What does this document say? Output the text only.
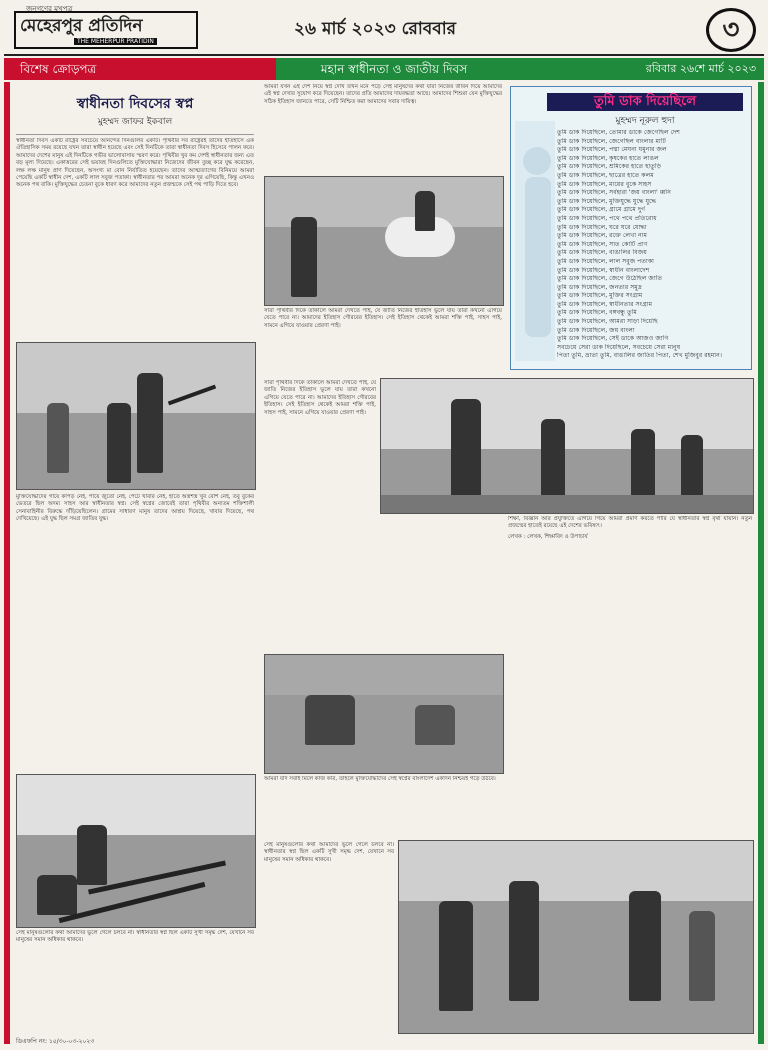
জনগণের মুখপত্র
মেহেরপুর প্রতিদিন
THE MEHERPUR PRATIDIN
২৬ মার্চ ২০২৩ রোববার	৩
বিশেষ ক্রোড়পত্র	মহান স্বাধীনতা ও জাতীয় দিবস	রবিবার ২৬শে মার্চ ২০২৩
স্বাধীনতা দিবসের স্বপ্ন
মুহম্মদ জাফর ইকবাল

স্বাধীনতা দিবস একটি রাষ্ট্রের সবচেয়ে আনন্দের দিনগুলির একটি। পৃথিবীর সব রাষ্ট্রেরই তাদের ইতিহাসে এক ঐতিহাসিক সময় রয়েছে যখন তারা স্বাধীন হয়েছে এবং সেই দিনটিকে তারা স্বাধীনতা দিবস হিসেবে পালন করে। আমাদের দেশের মানুষ এই দিনটিকে গভীর ভালোবাসায় স্মরণ করে। পৃথিবীর খুব কম দেশই স্বাধীনতার জন্য এত বড় মূল্য দিয়েছে। একাত্তরের সেই ভয়াবহ দিনগুলিতে মুক্তিযোদ্ধারা নিজেদের জীবন তুচ্ছ করে যুদ্ধ করেছেন, লক্ষ লক্ষ মানুষ প্রাণ দিয়েছেন, অসংখ্য মা বোন নির্যাতিত হয়েছেন। তাদের আত্মত্যাগের বিনিময়ে আমরা পেয়েছি একটি স্বাধীন দেশ, একটি লাল সবুজ পতাকা। স্বাধীনতার পর আমরা অনেক দূর এগিয়েছি, কিন্তু এখনও অনেক পথ বাকি। মুক্তিযুদ্ধের চেতনা বুকে ধারণ করে আমাদের নতুন প্রজন্মকে সেই পথ পাড়ি দিতে হবে।

মুক্তিযোদ্ধাদের গায়ে কাপড় নেই, পায়ে জুতো নেই, পেটে খাবার নেই, হাতে অস্ত্রশস্ত্র খুব বেশি নেই, তবু বুকের ভেতরে ছিল অদম্য সাহস আর স্বাধীনতার স্বপ্ন। সেই স্বপ্নের জোরেই তারা পৃথিবীর অন্যতম শক্তিশালী সেনাবাহিনীর বিরুদ্ধে দাঁড়িয়েছিলেন। গ্রামের সাধারণ মানুষ তাদের আশ্রয় দিয়েছে, খাবার দিয়েছে, পথ দেখিয়েছে। এই যুদ্ধ ছিল সমগ্র জাতির যুদ্ধ।

সেই মানুষগুলোর কথা আমাদের ভুলে গেলে চলবে না। স্বাধীনতার স্বপ্ন ছিল একটি সুখী সমৃদ্ধ দেশ, যেখানে সব মানুষের সমান অধিকার থাকবে।

আমরা যখন এই দেশ নিয়ে স্বপ্ন দেখি তখন মনে পড়ে সেই মানুষদের কথা যারা নিজের জীবন দিয়ে আমাদের এই স্বপ্ন দেখার সুযোগ করে দিয়েছেন। তাদের প্রতি আমাদের দায়বদ্ধতা আছে। আমাদের শিশুরা যেন মুক্তিযুদ্ধের সঠিক ইতিহাস জানতে পারে, সেটি নিশ্চিত করা আমাদের সবার দায়িত্ব।

সারা পৃথিবীর দিকে তাকালে আমরা দেখতে পাই, যে জাতি নিজের ইতিহাস ভুলে যায় তারা কখনো এগিয়ে যেতে পারে না। আমাদের ইতিহাস গৌরবের ইতিহাস। সেই ইতিহাস থেকেই আমরা শক্তি পাই, সাহস পাই, সামনে এগিয়ে যাওয়ার প্রেরণা পাই।

তুমি ডাক দিয়েছিলে
মুহম্মদ নূরুল হুদা
তুমি ডাক দিয়েছিলে, তোমার ডাকে জেগেছিল দেশ
তুমি ডাক দিয়েছিলে, জেগেছিল বাংলার মাটি
তুমি ডাক দিয়েছিলে, পদ্মা মেঘনা যমুনার জল
তুমি ডাক দিয়েছিলে, কৃষকের হাতে লাঙল
তুমি ডাক দিয়েছিলে, শ্রমিকের হাতে হাতুড়ি
তুমি ডাক দিয়েছিলে, ছাত্রের হাতে কলম
তুমি ডাক দিয়েছিলে, মায়ের বুকে সাহস
তুমি ডাক দিয়েছিলে, সর্বহারা 'জয় বাংলা' ধ্বনি
তুমি ডাক দিয়েছিলে, মুক্তিযুদ্ধে যুদ্ধে যুদ্ধে
তুমি ডাক দিয়েছিলে, গ্রামে গ্রামে দুর্গ
তুমি ডাক দিয়েছিলে, পথে পথে প্রতিরোধ
তুমি ডাক দিয়েছিলে, ঘরে ঘরে যোদ্ধা
তুমি ডাক দিয়েছিলে, রক্তে লেখা নাম
তুমি ডাক দিয়েছিলে, সাত কোটি প্রাণ
তুমি ডাক দিয়েছিলে, বাঙালির বিজয়
তুমি ডাক দিয়েছিলে, লাল সবুজ পতাকা
তুমি ডাক দিয়েছিলে, স্বাধীন বাংলাদেশ
তুমি ডাক দিয়েছিলে, জেগে উঠেছিল জাতি
তুমি ডাক দিয়েছিলে, জনতার সমুদ্র
তুমি ডাক দিয়েছিলে, মুক্তির সংগ্রাম
তুমি ডাক দিয়েছিলে, স্বাধীনতার সংগ্রাম
তুমি ডাক দিয়েছিলে, বঙ্গবন্ধু তুমি
তুমি ডাক দিয়েছিলে, আমরা সাড়া দিয়েছি
তুমি ডাক দিয়েছিলে, জয় বাংলা
তুমি ডাক দিয়েছিলে, সেই ডাকে আজও জাগি
সবচেয়ে সেরা ডাক দিয়েছিলে, সবচেয়ে সেরা মানুষ
পিতা তুমি, ভ্রাতা তুমি, বাঙালির জাতির পিতা, শেখ মুজিবুর রহমান।

সারা পৃথিবীর দিকে তাকালে আমরা দেখতে পাই, যে জাতি নিজের ইতিহাস ভুলে যায় তারা কখনো এগিয়ে যেতে পারে না। আমাদের ইতিহাস গৌরবের ইতিহাস। সেই ইতিহাস থেকেই আমরা শক্তি পাই, সাহস পাই, সামনে এগিয়ে যাওয়ার প্রেরণা পাই।

শিক্ষা, বিজ্ঞান আর প্রযুক্তিতে এগিয়ে গিয়ে আমরা প্রমাণ করতে পারি যে স্বাধীনতার স্বপ্ন বৃথা যায়নি। নতুন প্রজন্মের হাতেই রয়েছে এই দেশের ভবিষ্যৎ।

লেখক : লেখক, শিক্ষাবিদ ও উপাচার্য

আমরা যদি সবাই মিলে কাজ করি, তাহলে মুক্তিযোদ্ধাদের সেই স্বপ্নের বাংলাদেশ একদিন নিশ্চয়ই গড়ে উঠবে।

সেই মানুষগুলোর কথা আমাদের ভুলে গেলে চলবে না। স্বাধীনতার স্বপ্ন ছিল একটি সুখী সমৃদ্ধ দেশ, যেখানে সব মানুষের সমান অধিকার থাকবে।

ডিএফপি নং: ১৫/৩০-০৩-২০২৩
